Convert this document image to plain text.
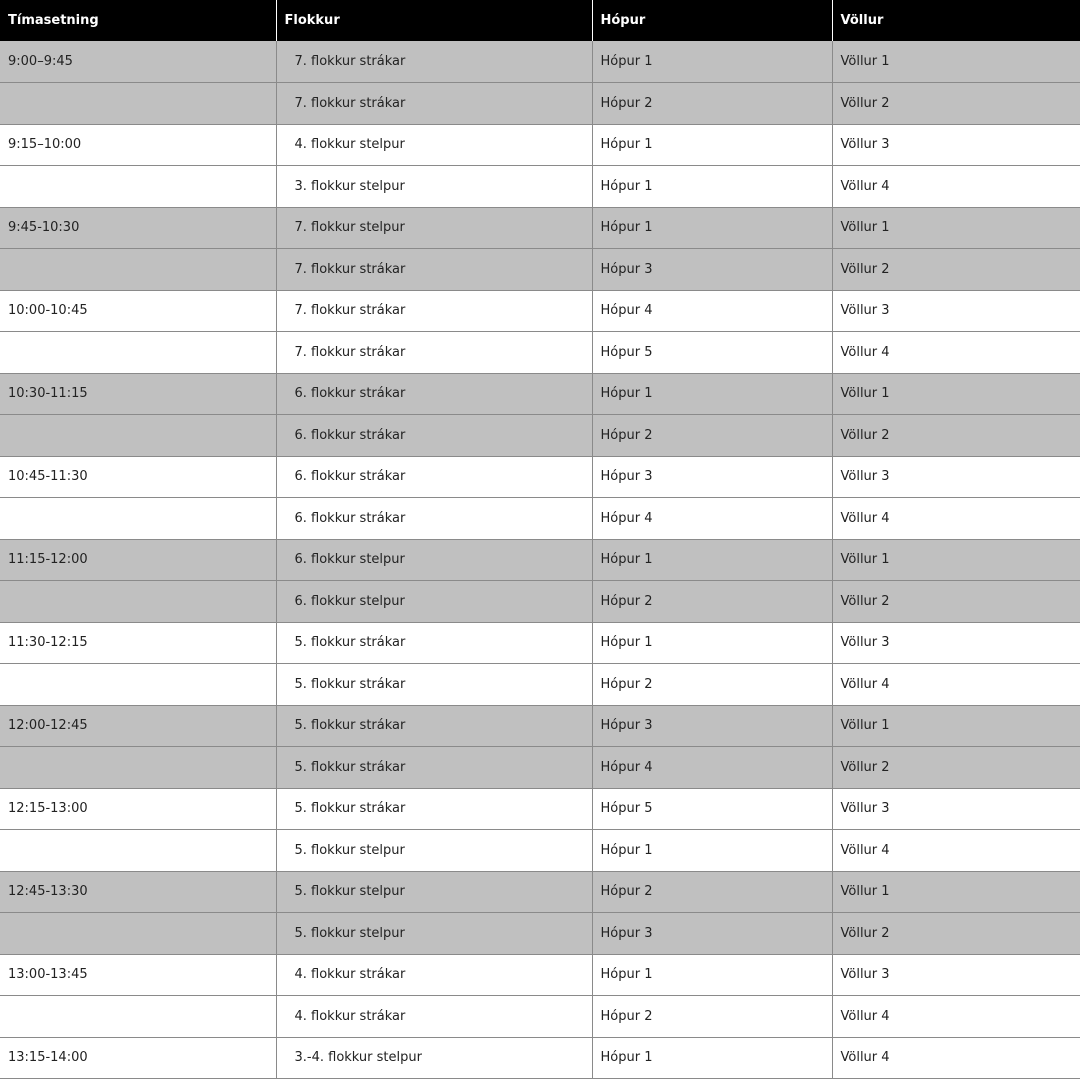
Tímasetning	Flokkur	Hópur	Völlur
9:00–9:45	7. flokkur strákar	Hópur 1	Völlur 1
	7. flokkur strákar	Hópur 2	Völlur 2
9:15–10:00	4. flokkur stelpur	Hópur 1	Völlur 3
	3. flokkur stelpur	Hópur 1	Völlur 4
9:45-10:30	7. flokkur stelpur	Hópur 1	Völlur 1
	7. flokkur strákar	Hópur 3	Völlur 2
10:00-10:45	7. flokkur strákar	Hópur 4	Völlur 3
	7. flokkur strákar	Hópur 5	Völlur 4
10:30-11:15	6. flokkur strákar	Hópur 1	Völlur 1
	6. flokkur strákar	Hópur 2	Völlur 2
10:45-11:30	6. flokkur strákar	Hópur 3	Völlur 3
	6. flokkur strákar	Hópur 4	Völlur 4
11:15-12:00	6. flokkur stelpur	Hópur 1	Völlur 1
	6. flokkur stelpur	Hópur 2	Völlur 2
11:30-12:15	5. flokkur strákar	Hópur 1	Völlur 3
	5. flokkur strákar	Hópur 2	Völlur 4
12:00-12:45	5. flokkur strákar	Hópur 3	Völlur 1
	5. flokkur strákar	Hópur 4	Völlur 2
12:15-13:00	5. flokkur strákar	Hópur 5	Völlur 3
	5. flokkur stelpur	Hópur 1	Völlur 4
12:45-13:30	5. flokkur stelpur	Hópur 2	Völlur 1
	5. flokkur stelpur	Hópur 3	Völlur 2
13:00-13:45	4. flokkur strákar	Hópur 1	Völlur 3
	4. flokkur strákar	Hópur 2	Völlur 4
13:15-14:00	3.-4. flokkur stelpur	Hópur 1	Völlur 4
